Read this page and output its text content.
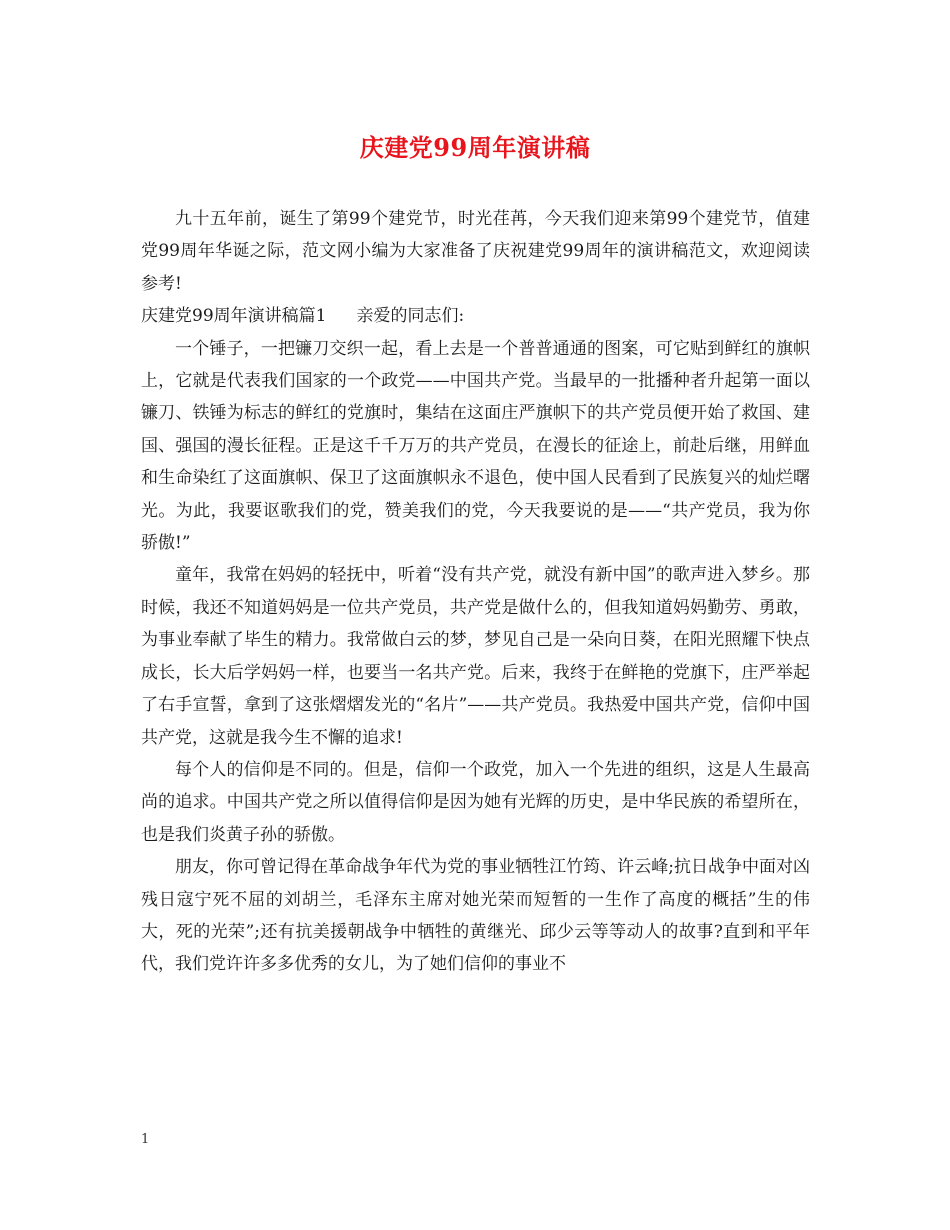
庆建党99周年演讲稿

九十五年前，诞生了第99个建党节，时光荏苒，今天我们迎来第99个建党节，值建党99周年华诞之际，范文网小编为大家准备了庆祝建党99周年的演讲稿范文，欢迎阅读参考!

庆建党99周年演讲稿篇1 亲爱的同志们:

一个锤子，一把镰刀交织一起，看上去是一个普普通通的图案，可它贴到鲜红的旗帜上，它就是代表我们国家的一个政党——中国共产党。当最早的一批播种者升起第一面以镰刀、铁锤为标志的鲜红的党旗时，集结在这面庄严旗帜下的共产党员便开始了救国、建国、强国的漫长征程。正是这千千万万的共产党员，在漫长的征途上，前赴后继，用鲜血和生命染红了这面旗帜、保卫了这面旗帜永不退色，使中国人民看到了民族复兴的灿烂曙光。为此，我要讴歌我们的党，赞美我们的党，今天我要说的是——“共产党员，我为你骄傲!”

童年，我常在妈妈的轻抚中，听着“没有共产党，就没有新中国”的歌声进入梦乡。那时候，我还不知道妈妈是一位共产党员，共产党是做什么的，但我知道妈妈勤劳、勇敢，为事业奉献了毕生的精力。我常做白云的梦，梦见自己是一朵向日葵，在阳光照耀下快点成长，长大后学妈妈一样，也要当一名共产党。后来，我终于在鲜艳的党旗下，庄严举起了右手宣誓，拿到了这张熠熠发光的“名片”——共产党员。我热爱中国共产党，信仰中国共产党，这就是我今生不懈的追求!

每个人的信仰是不同的。但是，信仰一个政党，加入一个先进的组织，这是人生最高尚的追求。中国共产党之所以值得信仰是因为她有光辉的历史，是中华民族的希望所在，也是我们炎黄子孙的骄傲。

朋友，你可曾记得在革命战争年代为党的事业牺牲江竹筠、许云峰;抗日战争中面对凶残日寇宁死不屈的刘胡兰，毛泽东主席对她光荣而短暂的一生作了高度的概括”生的伟大，死的光荣”;还有抗美援朝战争中牺牲的黄继光、邱少云等等动人的故事?直到和平年代，我们党许许多多优秀的女儿，为了她们信仰的事业不

1
